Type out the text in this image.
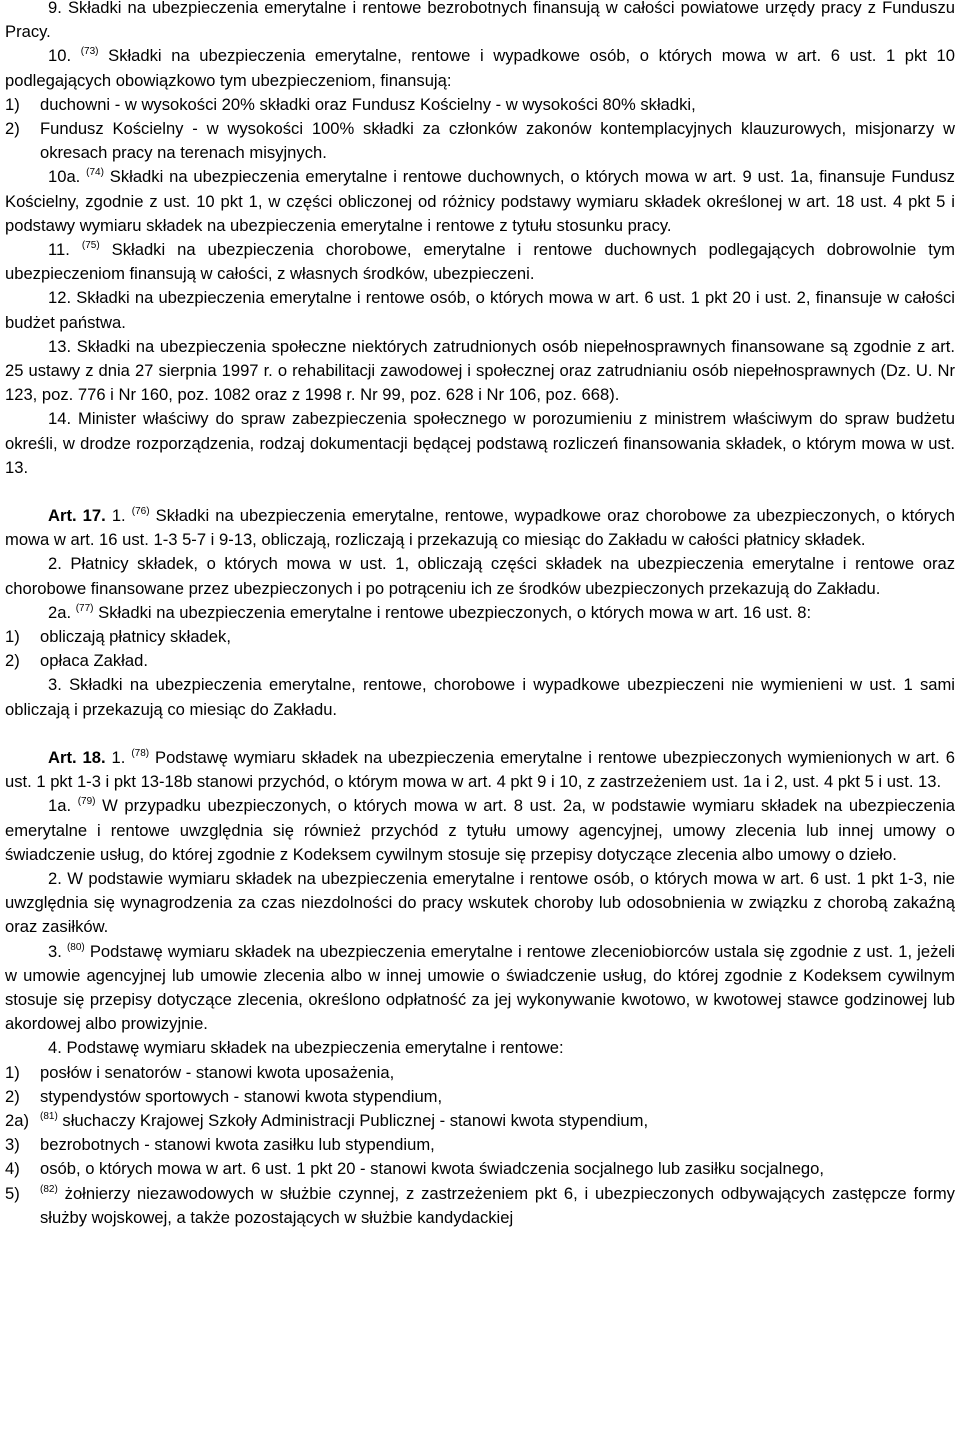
9. Składki na ubezpieczenia emerytalne i rentowe bezrobotnych finansują w całości powiatowe urzędy pracy z Funduszu Pracy.

10. $^{(73)}$ Składki na ubezpieczenia emerytalne, rentowe i wypadkowe osób, o których mowa w art. 6 ust. 1 pkt 10 podlegających obowiązkowo tym ubezpieczeniom, finansują:

1)	duchowni - w wysokości 20% składki oraz Fundusz Kościelny - w wysokości 80% składki,
2)	Fundusz Kościelny - w wysokości 100% składki za członków zakonów kontemplacyjnych klauzurowych, misjonarzy w okresach pracy na terenach misyjnych.

10a. $^{(74)}$ Składki na ubezpieczenia emerytalne i rentowe duchownych, o których mowa w art. 9 ust. 1a, finansuje Fundusz Kościelny, zgodnie z ust. 10 pkt 1, w części obliczonej od różnicy podstawy wymiaru składek określonej w art. 18 ust. 4 pkt 5 i podstawy wymiaru składek na ubezpieczenia emerytalne i rentowe z tytułu stosunku pracy.

11. $^{(75)}$ Składki na ubezpieczenia chorobowe, emerytalne i rentowe duchownych podlegających dobrowolnie tym ubezpieczeniom finansują w całości, z własnych środków, ubezpieczeni.

12. Składki na ubezpieczenia emerytalne i rentowe osób, o których mowa w art. 6 ust. 1 pkt 20 i ust. 2, finansuje w całości budżet państwa.

13. Składki na ubezpieczenia społeczne niektórych zatrudnionych osób niepełnosprawnych finansowane są zgodnie z art. 25 ustawy z dnia 27 sierpnia 1997 r. o rehabilitacji zawodowej i społecznej oraz zatrudnianiu osób niepełnosprawnych (Dz. U. Nr 123, poz. 776 i Nr 160, poz. 1082 oraz z 1998 r. Nr 99, poz. 628 i Nr 106, poz. 668).

14. Minister właściwy do spraw zabezpieczenia społecznego w porozumieniu z ministrem właściwym do spraw budżetu określi, w drodze rozporządzenia, rodzaj dokumentacji będącej podstawą rozliczeń finansowania składek, o którym mowa w ust. 13.

Art. 17. 1. $^{(76)}$ Składki na ubezpieczenia emerytalne, rentowe, wypadkowe oraz chorobowe za ubezpieczonych, o których mowa w art. 16 ust. 1-3 5-7 i 9-13, obliczają, rozliczają i przekazują co miesiąc do Zakładu w całości płatnicy składek.

2. Płatnicy składek, o których mowa w ust. 1, obliczają części składek na ubezpieczenia emerytalne i rentowe oraz chorobowe finansowane przez ubezpieczonych i po potrąceniu ich ze środków ubezpieczonych przekazują do Zakładu.

2a. $^{(77)}$ Składki na ubezpieczenia emerytalne i rentowe ubezpieczonych, o których mowa w art. 16 ust. 8:

1)	obliczają płatnicy składek,
2)	opłaca Zakład.

3. Składki na ubezpieczenia emerytalne, rentowe, chorobowe i wypadkowe ubezpieczeni nie wymienieni w ust. 1 sami obliczają i przekazują co miesiąc do Zakładu.

Art. 18. 1. $^{(78)}$ Podstawę wymiaru składek na ubezpieczenia emerytalne i rentowe ubezpieczonych wymienionych w art. 6 ust. 1 pkt 1-3 i pkt 13-18b stanowi przychód, o którym mowa w art. 4 pkt 9 i 10, z zastrzeżeniem ust. 1a i 2, ust. 4 pkt 5 i ust. 13.

1a. $^{(79)}$ W przypadku ubezpieczonych, o których mowa w art. 8 ust. 2a, w podstawie wymiaru składek na ubezpieczenia emerytalne i rentowe uwzględnia się również przychód z tytułu umowy agencyjnej, umowy zlecenia lub innej umowy o świadczenie usług, do której zgodnie z Kodeksem cywilnym stosuje się przepisy dotyczące zlecenia albo umowy o dzieło.

2. W podstawie wymiaru składek na ubezpieczenia emerytalne i rentowe osób, o których mowa w art. 6 ust. 1 pkt 1-3, nie uwzględnia się wynagrodzenia za czas niezdolności do pracy wskutek choroby lub odosobnienia w związku z chorobą zakaźną oraz zasiłków.

3. $^{(80)}$ Podstawę wymiaru składek na ubezpieczenia emerytalne i rentowe zleceniobiorców ustala się zgodnie z ust. 1, jeżeli w umowie agencyjnej lub umowie zlecenia albo w innej umowie o świadczenie usług, do której zgodnie z Kodeksem cywilnym stosuje się przepisy dotyczące zlecenia, określono odpłatność za jej wykonywanie kwotowo, w kwotowej stawce godzinowej lub akordowej albo prowizyjnie.

4. Podstawę wymiaru składek na ubezpieczenia emerytalne i rentowe:

1)	posłów i senatorów - stanowi kwota uposażenia,
2)	stypendystów sportowych - stanowi kwota stypendium,
2a)	$^{(81)}$ słuchaczy Krajowej Szkoły Administracji Publicznej - stanowi kwota stypendium,
3)	bezrobotnych - stanowi kwota zasiłku lub stypendium,
4)	osób, o których mowa w art. 6 ust. 1 pkt 20 - stanowi kwota świadczenia socjalnego lub zasiłku socjalnego,
5)	$^{(82)}$ żołnierzy niezawodowych w służbie czynnej, z zastrzeżeniem pkt 6, i ubezpieczonych odbywających zastępcze formy służby wojskowej, a także pozostających w służbie kandydackiej
